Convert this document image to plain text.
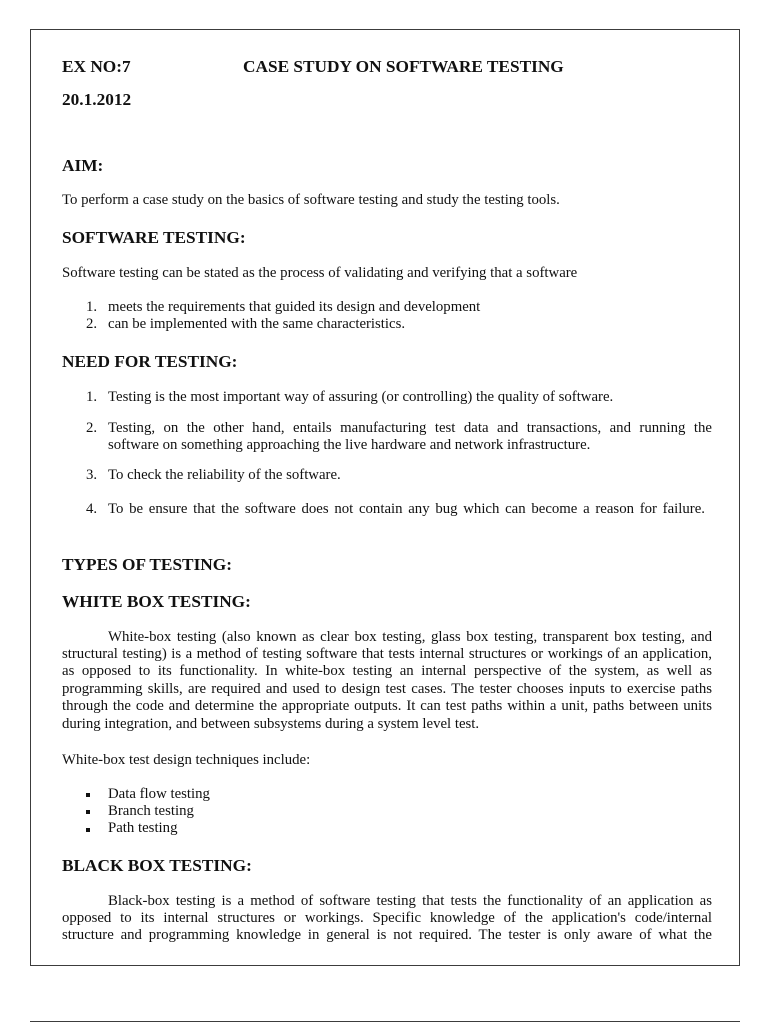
EX NO:7	CASE STUDY ON SOFTWARE TESTING
20.1.2012
AIM:
To perform a case study on the basics of software testing and study the testing tools.
SOFTWARE TESTING:
Software testing can be stated as the process of validating and verifying that a software
1. meets the requirements that guided its design and development
2. can be implemented with the same characteristics.
NEED FOR TESTING:
1. Testing is the most important way of assuring (or controlling) the quality of software.
2. Testing, on the other hand, entails manufacturing test data and transactions, and running the
software on something approaching the live hardware and network infrastructure.
3. To check the reliability of the software.
4. To be ensure that the software does not contain any bug which can become a reason for failure.
TYPES OF TESTING:
WHITE BOX TESTING:
White-box testing (also known as clear box testing, glass box testing, transparent box testing, and
structural testing) is a method of testing software that tests internal structures or workings of an application,
as opposed to its functionality. In white-box testing an internal perspective of the system, as well as
programming skills, are required and used to design test cases. The tester chooses inputs to exercise paths
through the code and determine the appropriate outputs. It can test paths within a unit, paths between units
during integration, and between subsystems during a system level test.
White-box test design techniques include:
Data flow testing
Branch testing
Path testing
BLACK BOX TESTING:
Black-box testing is a method of software testing that tests the functionality of an application as
opposed to its internal structures or workings. Specific knowledge of the application's code/internal
structure and programming knowledge in general is not required. The tester is only aware of what the
